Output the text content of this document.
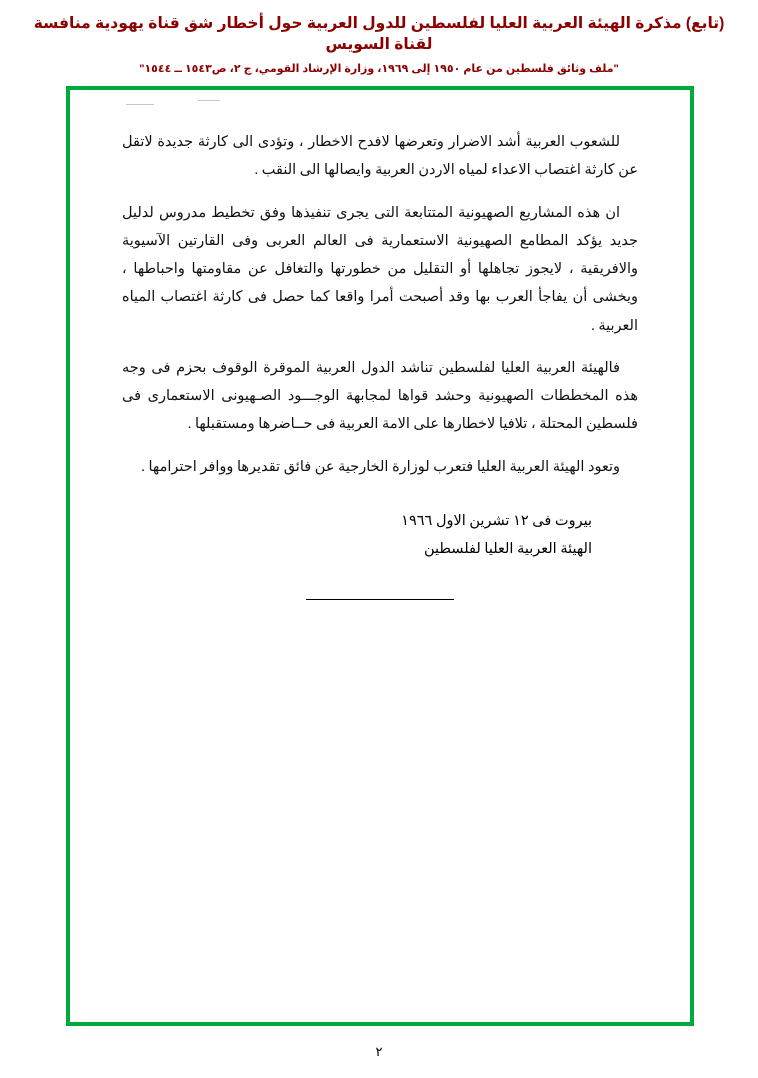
(تابع) مذكرة الهيئة العربية العليا لفلسطين للدول العربية حول أخطار شق قناة يهودية منافسة لقناة السويس
"ملف وثائق فلسطين من عام ١٩٥٠ إلى ١٩٦٩، وزارة الإرشاد القومي، ج ٢، ص١٥٤٣ ــ ١٥٤٤"

للشعوب العربية أشد الاضرار وتعرضها لافدح الاخطار ، وتؤدى الى كارثة جديدة لاتقل عن كارثة اغتصاب الاعداء لمياه الاردن العربية وايصالها الى النقب .

ان هذه المشاريع الصهيونية المتتابعة التى يجرى تنفيذها وفق تخطيط مدروس لدليل جديد يؤكد المطامع الصهيونية الاستعمارية فى العالم العربى وفى القارتين الآسيوية والافريقية ، لايجوز تجاهلها أو التقليل من خطورتها والتغافل عن مقاومتها واحباطها ، ويخشى أن يفاجأ العرب بها وقد أصبحت أمرا واقعا كما حصل فى كارثة اغتصاب المياه العربية .

فالهيئة العربية العليا لفلسطين تناشد الدول العربية الموقرة الوقوف بحزم فى وجه هذه المخططات الصهيونية وحشد قواها لمجابهة الوجـــود الصـهيونى الاستعمارى فى فلسطين المحتلة ، تلافيا لاخطارها على الامة العربية فى حــاضرها ومستقبلها .

وتعود الهيئة العربية العليا فتعرب لوزارة الخارجية عن فائق تقديرها ووافر احترامها .

بيروت فى ١٢ تشرين الاول ١٩٦٦
الهيئة العربية العليا لفلسطين
٢
